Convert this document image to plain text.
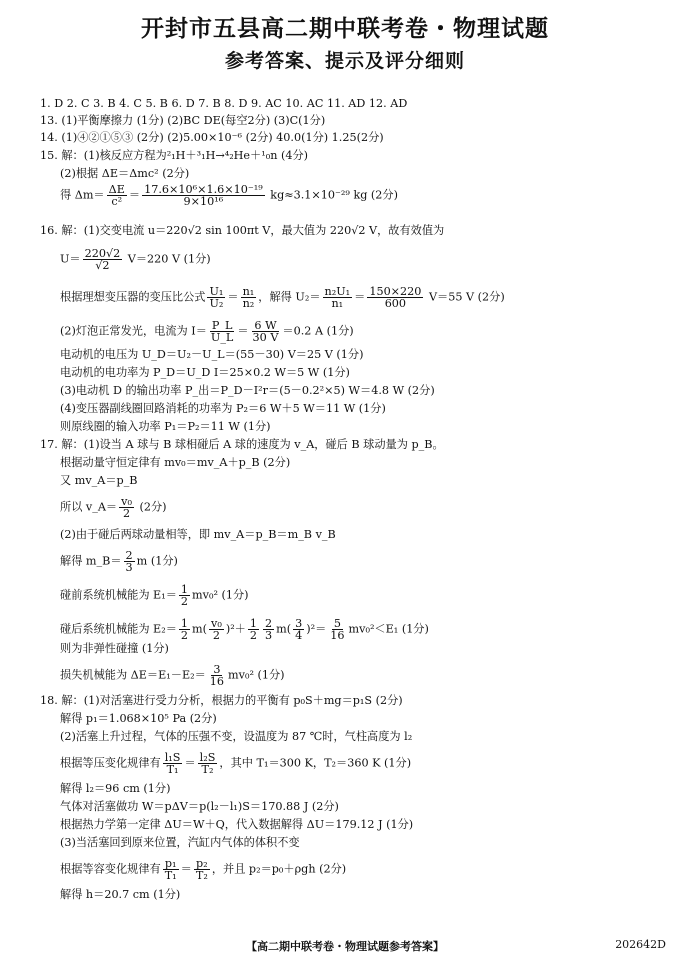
开封市五县高二期中联考卷・物理试题
参考答案、提示及评分细则
1. D 2. C 3. B 4. C 5. B 6. D 7. B 8. D 9. AC 10. AC 11. AD 12. AD
13. (1)平衡摩擦力 (1分) (2)BC DE(每空2分) (3)C(1分)
14. (1)④②①⑤③ (2分) (2)5.00×10⁻⁶ (2分) 40.0(1分) 1.25(2分)
15. 解：(1)核反应方程为²₁H＋³₁H→⁴₂He＋¹₀n (4分)
(2)根据 ΔE＝Δmc² (2分)
得 $\Delta m= \frac{\Delta E}{\text{c²}} = \frac{\text{17.6×10⁶×1.6×10⁻¹⁹}}{\text{9×10¹⁶}} kg\approx 3.1\times 10^{-29}$ kg (2分)
16. 解：(1)交变电流 u＝220√2 sin 100πt V，最大值为 220√2 V，故有效值为
$U= \frac{220√2}{√2} V=220$ V (1分)
根据理想变压器的变压比公式 $\frac{\text{U₁}}{\text{U₂}} = \frac{\text{n₁}}{\text{n₂}}$ ，解得 $U_2= \frac{\text{n₂U₁}}{\text{n₁}} = \frac{150\times 220}{600} V=55$ V (2分)
(2)灯泡正常发光，电流为 $I= \frac{P\_L}{U\_L} = \frac{6 W}{30 V} =0.2$ A (1分)
电动机的电压为 U_D＝U₂－U_L＝(55－30) V＝25 V (1分)
电动机的电功率为 P_D＝U_D I＝25×0.2 W＝5 W (1分)
(3)电动机 D 的输出功率 P_出＝P_D－I²r＝(5－0.2²×5) W＝4.8 W (2分)
(4)变压器副线圈回路消耗的功率为 P₂＝6 W＋5 W＝11 W (1分)
则原线圈的输入功率 P₁＝P₂＝11 W (1分)
17. 解：(1)设当 A 球与 B 球相碰后 A 球的速度为 v_A，碰后 B 球动量为 p_B。
根据动量守恒定律有 mv₀＝mv_A＋p_B (2分)
又 mv_A＝p_B
所以 v_A＝ $\frac{\text{v₀}}{2} (2$分)
(2)由于碰后两球动量相等，即 mv_A＝p_B＝m_B v_B
解得 m_B＝ $\frac{2}{3}$ m (1分)
碰前系统机械能为 $E_1= \frac{1}{2} mv_0^2$ (1分)
碰后系统机械能为 $E_2= \frac{1}{2} m( \frac{\text{v₀}}{2} )^2+ \frac{1}{2} \frac{2}{3} m( \frac{3}{4} )^2= \frac{5}{16} mv_0^2<E_1$ (1分)
则为非弹性碰撞 (1分)
损失机械能为 $\Delta E=E_1-E_2= \frac{3}{16} mv_0^2$ (1分)
18. 解：(1)对活塞进行受力分析，根据力的平衡有 p₀S＋mg＝p₁S (2分)
解得 p₁＝1.068×10⁵ Pa (2分)
(2)活塞上升过程，气体的压强不变，设温度为 87 ℃时，气柱高度为 l₂
根据等压变化规律有 $\frac{\text{l₁S}}{\text{T₁}} = \frac{\text{l₂S}}{\text{T₂}}$ ，其中 T₁＝300 K，T₂＝360 K (1分)
解得 l₂＝96 cm (1分)
气体对活塞做功 W＝pΔV＝p(l₂－l₁)S＝170.88 J (2分)
根据热力学第一定律 ΔU＝W＋Q，代入数据解得 ΔU＝179.12 J (1分)
(3)当活塞回到原来位置，汽缸内气体的体积不变
根据等容变化规律有 $\frac{\text{p₁}}{\text{T₁}} = \frac{\text{p₂}}{\text{T₂}}$ ，并且 p₂＝p₀＋ρgh (2分)
解得 h＝20.7 cm (1分)
【高二期中联考卷・物理试题参考答案】	202642D
